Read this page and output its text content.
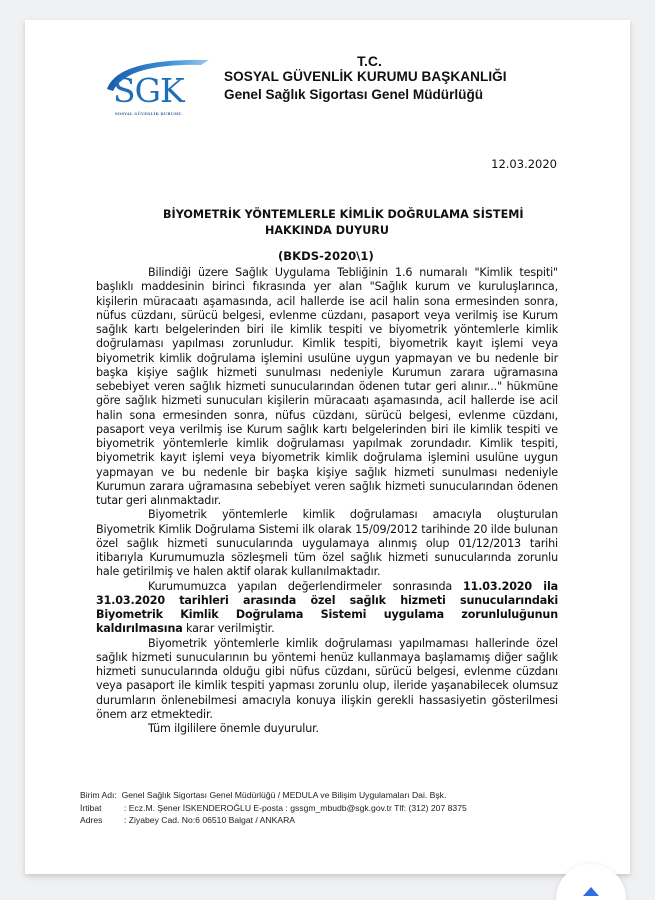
SGK
SOSYAL GÜVENLİK KURUMU
T.C.
SOSYAL GÜVENLİK KURUMU BAŞKANLIĞI
Genel Sağlık Sigortası Genel Müdürlüğü
12.03.2020
BİYOMETRİK YÖNTEMLERLE KİMLİK DOĞRULAMA SİSTEMİ
HAKKINDA DUYURU
(BKDS-2020\1)

Bilindiği üzere Sağlık Uygulama Tebliğinin 1.6 numaralı "Kimlik tespiti" başlıklı maddesinin birinci fıkrasında yer alan "Sağlık kurum ve kuruluşlarınca, kişilerin müracaatı aşamasında, acil hallerde ise acil halin sona ermesinden sonra, nüfus cüzdanı, sürücü belgesi, evlenme cüzdanı, pasaport veya verilmiş ise Kurum sağlık kartı belgelerinden biri ile kimlik tespiti ve biyometrik yöntemlerle kimlik doğrulaması yapılması zorunludur. Kimlik tespiti, biyometrik kayıt işlemi veya biyometrik kimlik doğrulama işlemini usulüne uygun yapmayan ve bu nedenle bir başka kişiye sağlık hizmeti sunulması nedeniyle Kurumun zarara uğramasına sebebiyet veren sağlık hizmeti sunucularından ödenen tutar geri alınır..." hükmüne göre sağlık hizmeti sunucuları kişilerin müracaatı aşamasında, acil hallerde ise acil halin sona ermesinden sonra, nüfus cüzdanı, sürücü belgesi, evlenme cüzdanı, pasaport veya verilmiş ise Kurum sağlık kartı belgelerinden biri ile kimlik tespiti ve biyometrik yöntemlerle kimlik doğrulaması yapılmak zorundadır. Kimlik tespiti, biyometrik kayıt işlemi veya biyometrik kimlik doğrulama işlemini usulüne uygun yapmayan ve bu nedenle bir başka kişiye sağlık hizmeti sunulması nedeniyle Kurumun zarara uğramasına sebebiyet veren sağlık hizmeti sunucularından ödenen tutar geri alınmaktadır.

Biyometrik yöntemlerle kimlik doğrulaması amacıyla oluşturulan Biyometrik Kimlik Doğrulama Sistemi ilk olarak 15/09/2012 tarihinde 20 ilde bulunan özel sağlık hizmeti sunucularında uygulamaya alınmış olup 01/12/2013 tarihi itibarıyla Kurumumuzla sözleşmeli tüm özel sağlık hizmeti sunucularında zorunlu hale getirilmiş ve halen aktif olarak kullanılmaktadır.

Kurumumuzca yapılan değerlendirmeler sonrasında 11.03.2020 ila 31.03.2020 tarihleri arasında özel sağlık hizmeti sunucularındaki Biyometrik Kimlik Doğrulama Sistemi uygulama zorunluluğunun kaldırılmasına karar verilmiştir.

Biyometrik yöntemlerle kimlik doğrulaması yapılmaması hallerinde özel sağlık hizmeti sunucularının bu yöntemi henüz kullanmaya başlamamış diğer sağlık hizmeti sunucularında olduğu gibi nüfus cüzdanı, sürücü belgesi, evlenme cüzdanı veya pasaport ile kimlik tespiti yapması zorunlu olup, ileride yaşanabilecek olumsuz durumların önlenebilmesi amacıyla konuya ilişkin gerekli hassasiyetin gösterilmesi önem arz etmektedir.

Tüm ilgililere önemle duyurulur.

Birim Adı: Genel Sağlık Sigortası Genel Müdürlüğü / MEDULA ve Bilişim Uygulamaları Dai. Bşk.
İrtibat	: Ecz.M. Şener İSKENDEROĞLU E-posta : gssgm_mbudb@sgk.gov.tr Tlf: (312) 207 8375
Adres	: Ziyabey Cad. No:6 06510 Balgat / ANKARA
